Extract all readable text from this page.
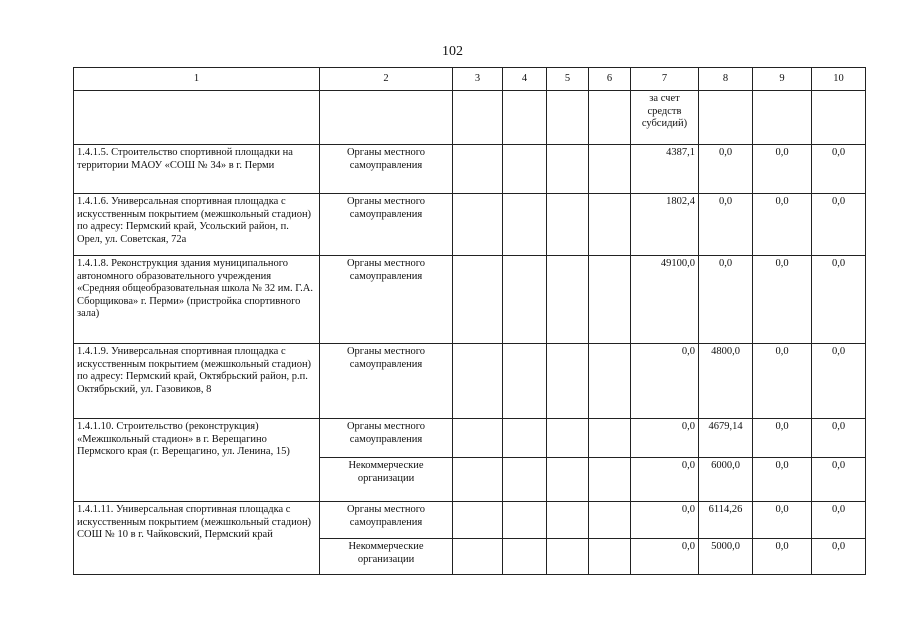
102
1	2	3	4	5	6	7	8	9	10
						за счет средств субсидий)			
1.4.1.5. Строительство спортивной площадки на территории МАОУ «СОШ № 34» в г. Перми	Органы местного самоуправления					4387,1	0,0	0,0	0,0
1.4.1.6. Универсальная спортивная площадка с искусственным покрытием (межшкольный стадион) по адресу: Пермский край, Усольский район, п. Орел, ул. Советская, 72а	Органы местного самоуправления					1802,4	0,0	0,0	0,0
1.4.1.8. Реконструкция здания муниципального автономного образовательного учреждения «Средняя общеобразовательная школа № 32 им. Г.А. Сборщикова» г. Перми» (пристройка спортивного зала)	Органы местного самоуправления					49100,0	0,0	0,0	0,0
1.4.1.9. Универсальная спортивная площадка с искусственным покрытием (межшкольный стадион) по адресу: Пермский край, Октябрьский район, р.п. Октябрьский, ул. Газовиков, 8	Органы местного самоуправления					0,0	4800,0	0,0	0,0
1.4.1.10. Строительство (реконструкция) «Межшкольный стадион» в г. Верещагино Пермского края (г. Верещагино, ул. Ленина, 15)	Органы местного самоуправления					0,0	4679,14	0,0	0,0
	Некоммерческие организации					0,0	6000,0	0,0	0,0
1.4.1.11. Универсальная спортивная площадка с искусственным покрытием (межшкольный стадион) СОШ № 10 в г. Чайковский, Пермский край	Органы местного самоуправления					0,0	6114,26	0,0	0,0
	Некоммерческие организации					0,0	5000,0	0,0	0,0
